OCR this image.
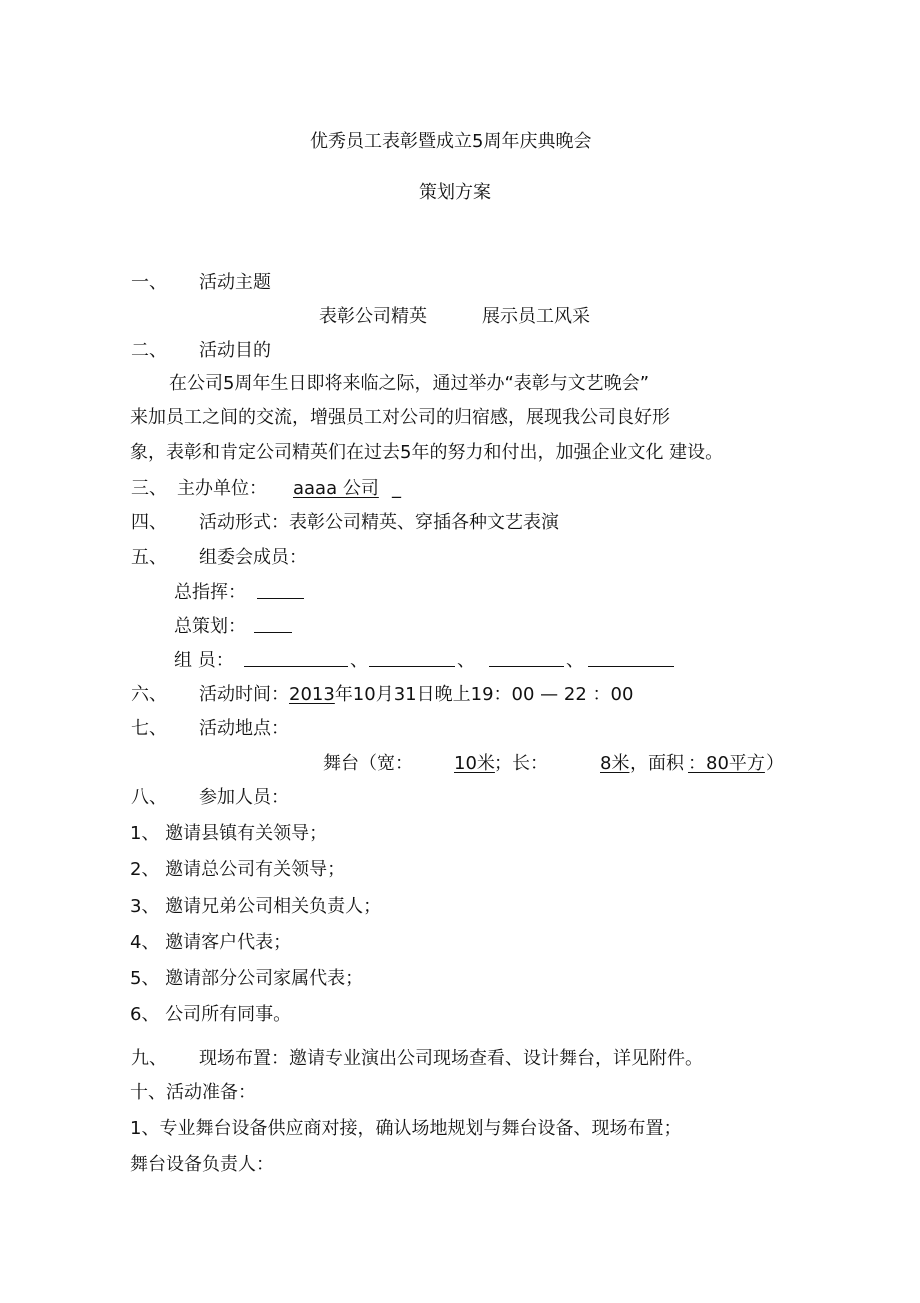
优秀员工表彰暨成立5周年庆典晚会
策划方案
一、 活动主题
表彰公司精英	展示员工风采
二、 活动目的
在公司5周年生日即将来临之际，通过举办“表彰与文艺晚会”
来加员工之间的交流，增强员工对公司的归宿感，展现我公司良好形
象，表彰和肯定公司精英们在过去5年的努力和付出，加强企业文化 建设。
三、 主办单位：	aaaa 公司 _
四、 活动形式：表彰公司精英、穿插各种文艺表演
五、 组委会成员：
总指挥：
总策划：
组 员：	、	、	、
六、 活动时间：2013年10月31日晚上19：00 — 22 ：00
七、 活动地点：
舞台（宽： 10米 ；长：	8米 ，面积 ：80平方 ）
八、 参加人员：
1、 邀请县镇有关领导；
2、 邀请总公司有关领导；
3、 邀请兄弟公司相关负责人；
4、 邀请客户代表；
5、 邀请部分公司家属代表；
6、 公司所有同事。
九、 现场布置：邀请专业演出公司现场查看、设计舞台，详见附件。
十、活动准备：
1、专业舞台设备供应商对接，确认场地规划与舞台设备、现场布置；
舞台设备负责人：
